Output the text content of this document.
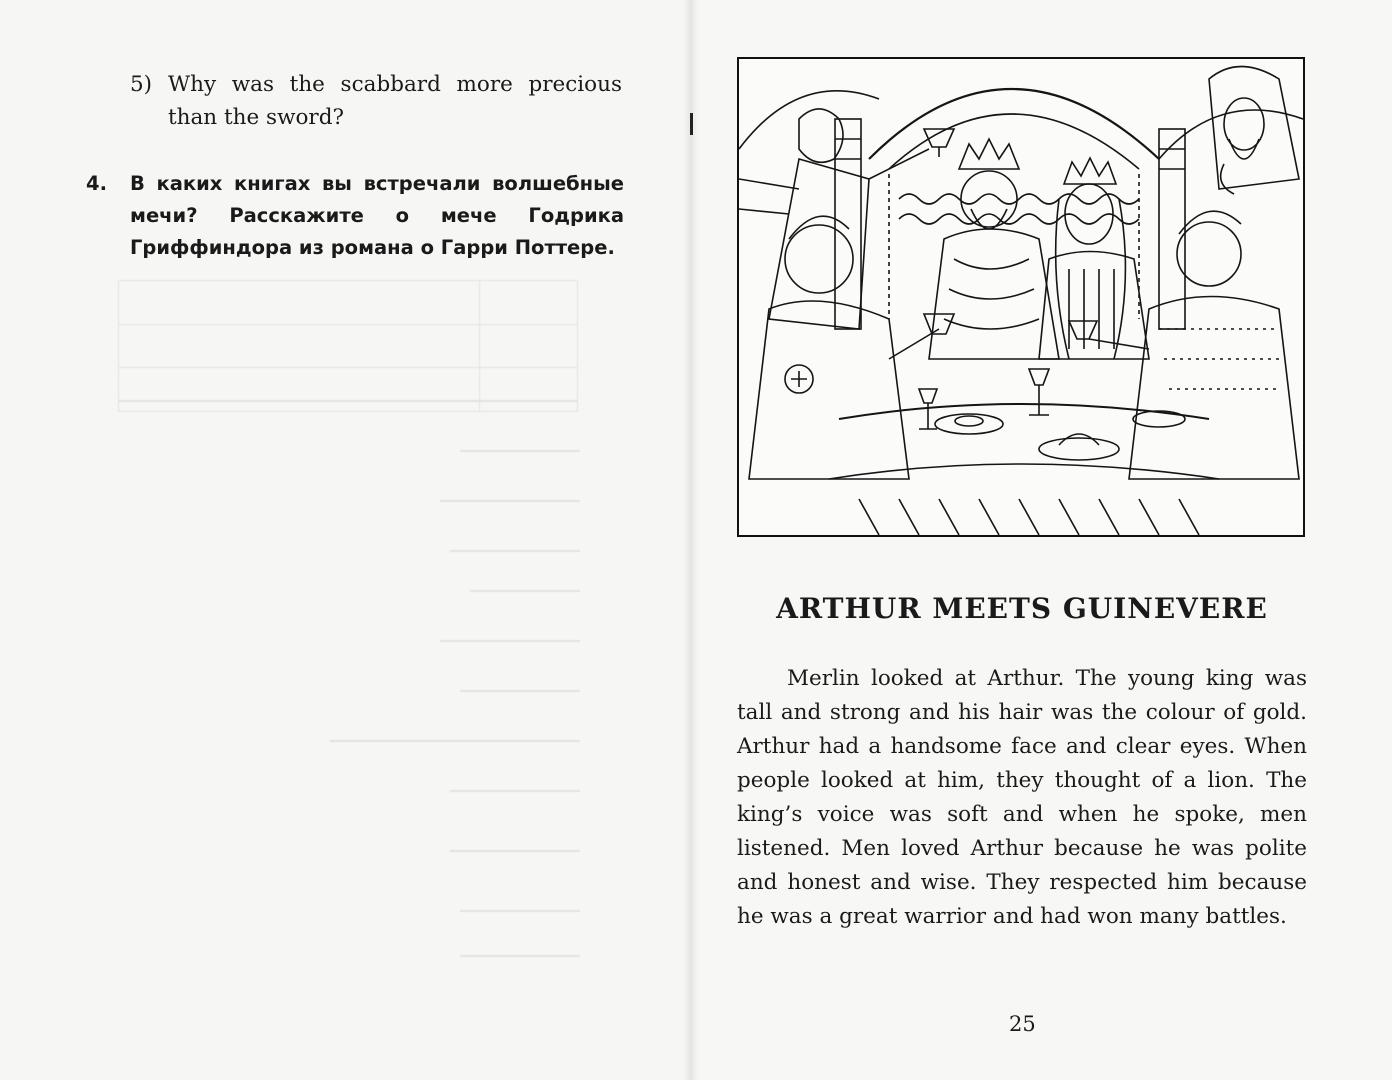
5) Why was the scabbard more precious
than the sword?
4. В каких книгах вы встречали волшебные мечи? Расскажите о мече Годрика Гриффиндора из романа о Гарри Поттере.
ARTHUR MEETS GUINEVERE

Merlin looked at Arthur. The young king was tall and strong and his hair was the colour of gold. Arthur had a handsome face and clear eyes. When people looked at him, they thought of a lion. The king’s voice was soft and when he spoke, men listened. Men loved Arthur because he was polite and honest and wise. They respected him because he was a great warrior and had won many battles.

25
